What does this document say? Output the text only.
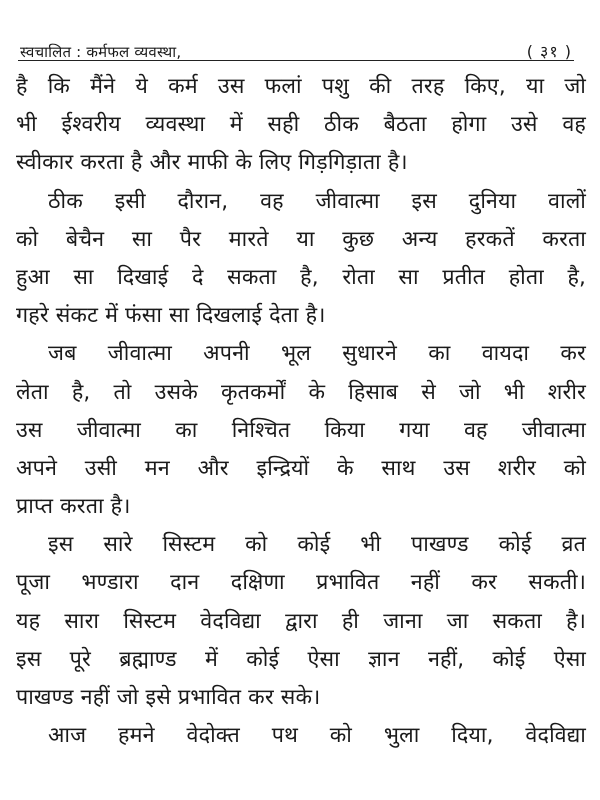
स्वचालित : कर्मफल व्यवस्था,	( ३१ )
है कि मैंने ये कर्म उस फलां पशु की तरह किए, या जो
भी ईश्वरीय व्यवस्था में सही ठीक बैठता होगा उसे वह
स्वीकार करता है और माफी के लिए गिड़गिड़ाता है।
ठीक इसी दौरान, वह जीवात्मा इस दुनिया वालों
को बेचैन सा पैर मारते या कुछ अन्य हरकतें करता
हुआ सा दिखाई दे सकता है, रोता सा प्रतीत होता है,
गहरे संकट में फंसा सा दिखलाई देता है।
जब जीवात्मा अपनी भूल सुधारने का वायदा कर
लेता है, तो उसके कृतकर्मों के हिसाब से जो भी शरीर
उस जीवात्मा का निश्चित किया गया वह जीवात्मा
अपने उसी मन और इन्द्रियों के साथ उस शरीर को
प्राप्त करता है।
इस सारे सिस्टम को कोई भी पाखण्ड कोई व्रत
पूजा भण्डारा दान दक्षिणा प्रभावित नहीं कर सकती।
यह सारा सिस्टम वेदविद्या द्वारा ही जाना जा सकता है।
इस पूरे ब्रह्माण्ड में कोई ऐसा ज्ञान नहीं, कोई ऐसा
पाखण्ड नहीं जो इसे प्रभावित कर सके।
आज हमने वेदोक्त पथ को भुला दिया, वेदविद्या
